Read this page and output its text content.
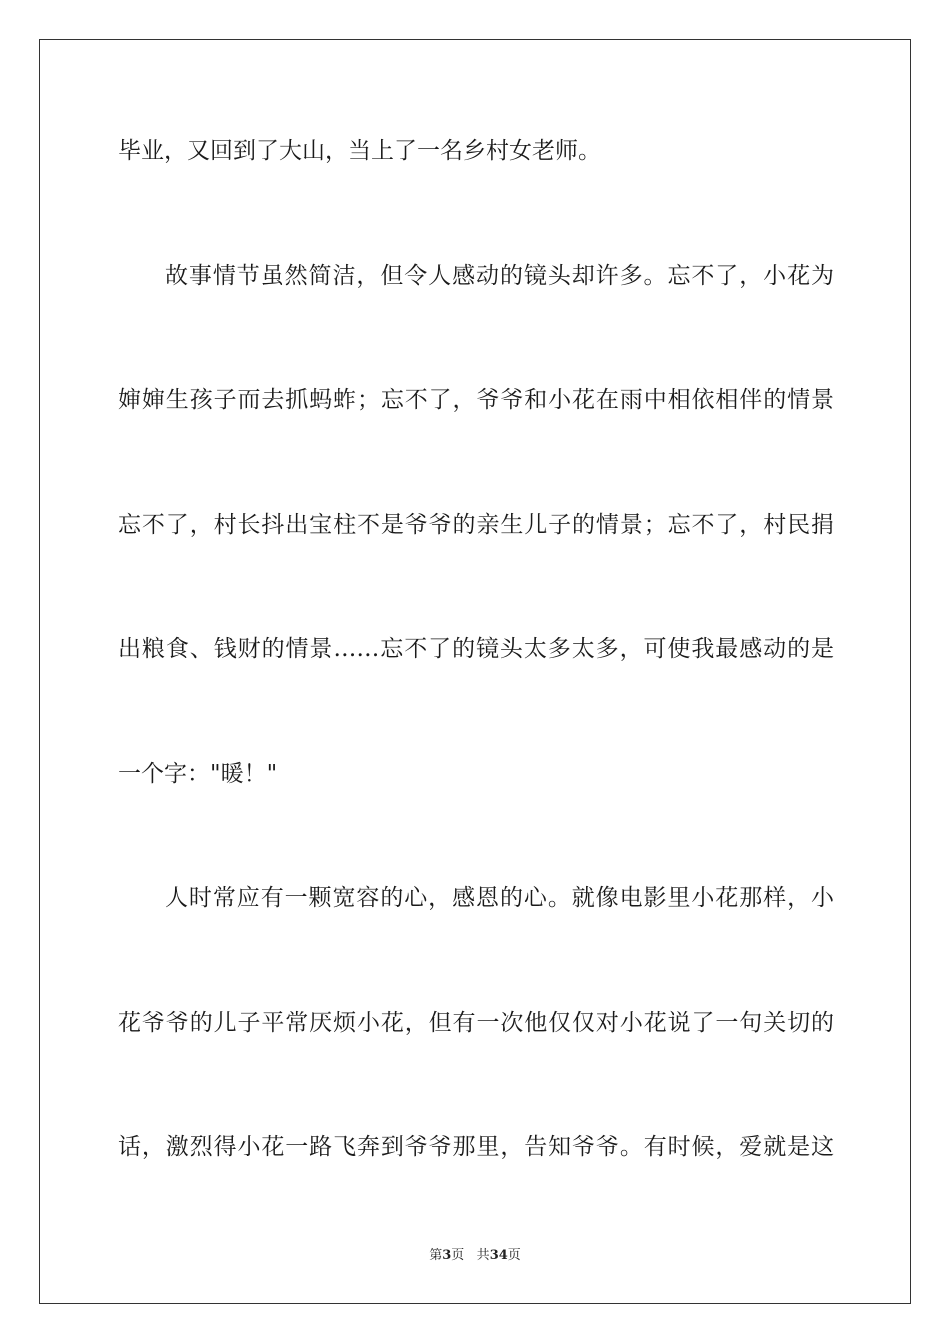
毕业，又回到了大山，当上了一名乡村女老师。
故事情节虽然简洁，但令人感动的镜头却许多。忘不了，小花为
婶婶生孩子而去抓蚂蚱；忘不了，爷爷和小花在雨中相依相伴的情景
忘不了，村长抖出宝柱不是爷爷的亲生儿子的情景；忘不了，村民捐
出粮食、钱财的情景……忘不了的镜头太多太多，可使我最感动的是
一个字："暖！"
人时常应有一颗宽容的心，感恩的心。就像电影里小花那样，小
花爷爷的儿子平常厌烦小花，但有一次他仅仅对小花说了一句关切的
话，激烈得小花一路飞奔到爷爷那里，告知爷爷。有时候，爱就是这
第3页 共34页
